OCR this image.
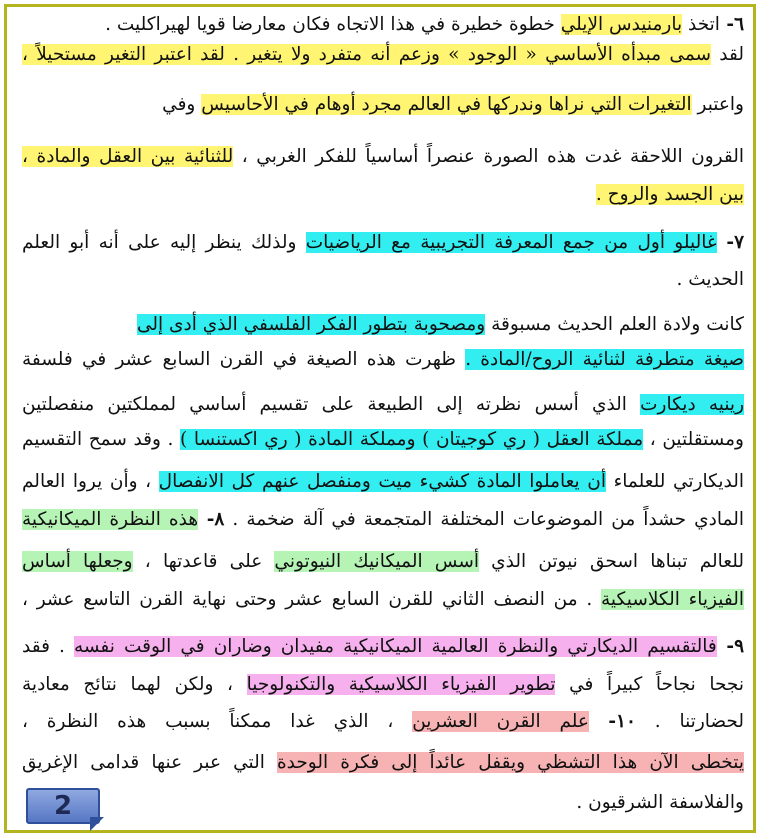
٦- اتخذ بارمنيدس الإيلي خطوة خطيرة في هذا الاتجاه فكان معارضا قويا لهيراكليت .
لقد سمى مبدأه الأساسي « الوجود » وزعم أنه متفرد ولا يتغير . لقد اعتبر التغير مستحيلاً ،
واعتبر التغيرات التي نراها وندركها في العالم مجرد أوهام في الأحاسيس وفي
القرون اللاحقة غدت هذه الصورة عنصراً أساسياً للفكر الغربي ، للثنائية بين العقل والمادة ،
بين الجسد والروح .
٧- غاليلو أول من جمع المعرفة التجريبية مع الرياضيات ولذلك ينظر إليه على أنه أبو العلم
الحديث .
كانت ولادة العلم الحديث مسبوقة ومصحوبة بتطور الفكر الفلسفي الذي أدى إلى
صيغة متطرفة لثنائية الروح/المادة . ظهرت هذه الصيغة في القرن السابع عشر في فلسفة
رينيه ديكارت الذي أسس نظرته إلى الطبيعة على تقسيم أساسي لمملكتين منفصلتين
ومستقلتين ، مملكة العقل ( ري كوجيتان ) ومملكة المادة ( ري اكستنسا ) . وقد سمح التقسيم
الديكارتي للعلماء أن يعاملوا المادة كشيء ميت ومنفصل عنهم كل الانفصال ، وأن يروا العالم
المادي حشداً من الموضوعات المختلفة المتجمعة في آلة ضخمة . ٨- هذه النظرة الميكانيكية
للعالم تبناها اسحق نيوتن الذي أسس الميكانيك النيوتوني على قاعدتها ، وجعلها أساس
الفيزياء الكلاسيكية . من النصف الثاني للقرن السابع عشر وحتى نهاية القرن التاسع عشر ،
٩- فالتقسيم الديكارتي والنظرة العالمية الميكانيكية مفيدان وضاران في الوقت نفسه . فقد
نجحا نجاحاً كبيراً في تطوير الفيزياء الكلاسيكية والتكنولوجيا ، ولكن لهما نتائج معادية
لحضارتنا . ١٠- علم القرن العشرين ، الذي غدا ممكناً بسبب هذه النظرة ،
يتخطى الآن هذا التشظي ويقفل عائداً إلى فكرة الوحدة التي عبر عنها قدامى الإغريق
والفلاسفة الشرقيون .
2
